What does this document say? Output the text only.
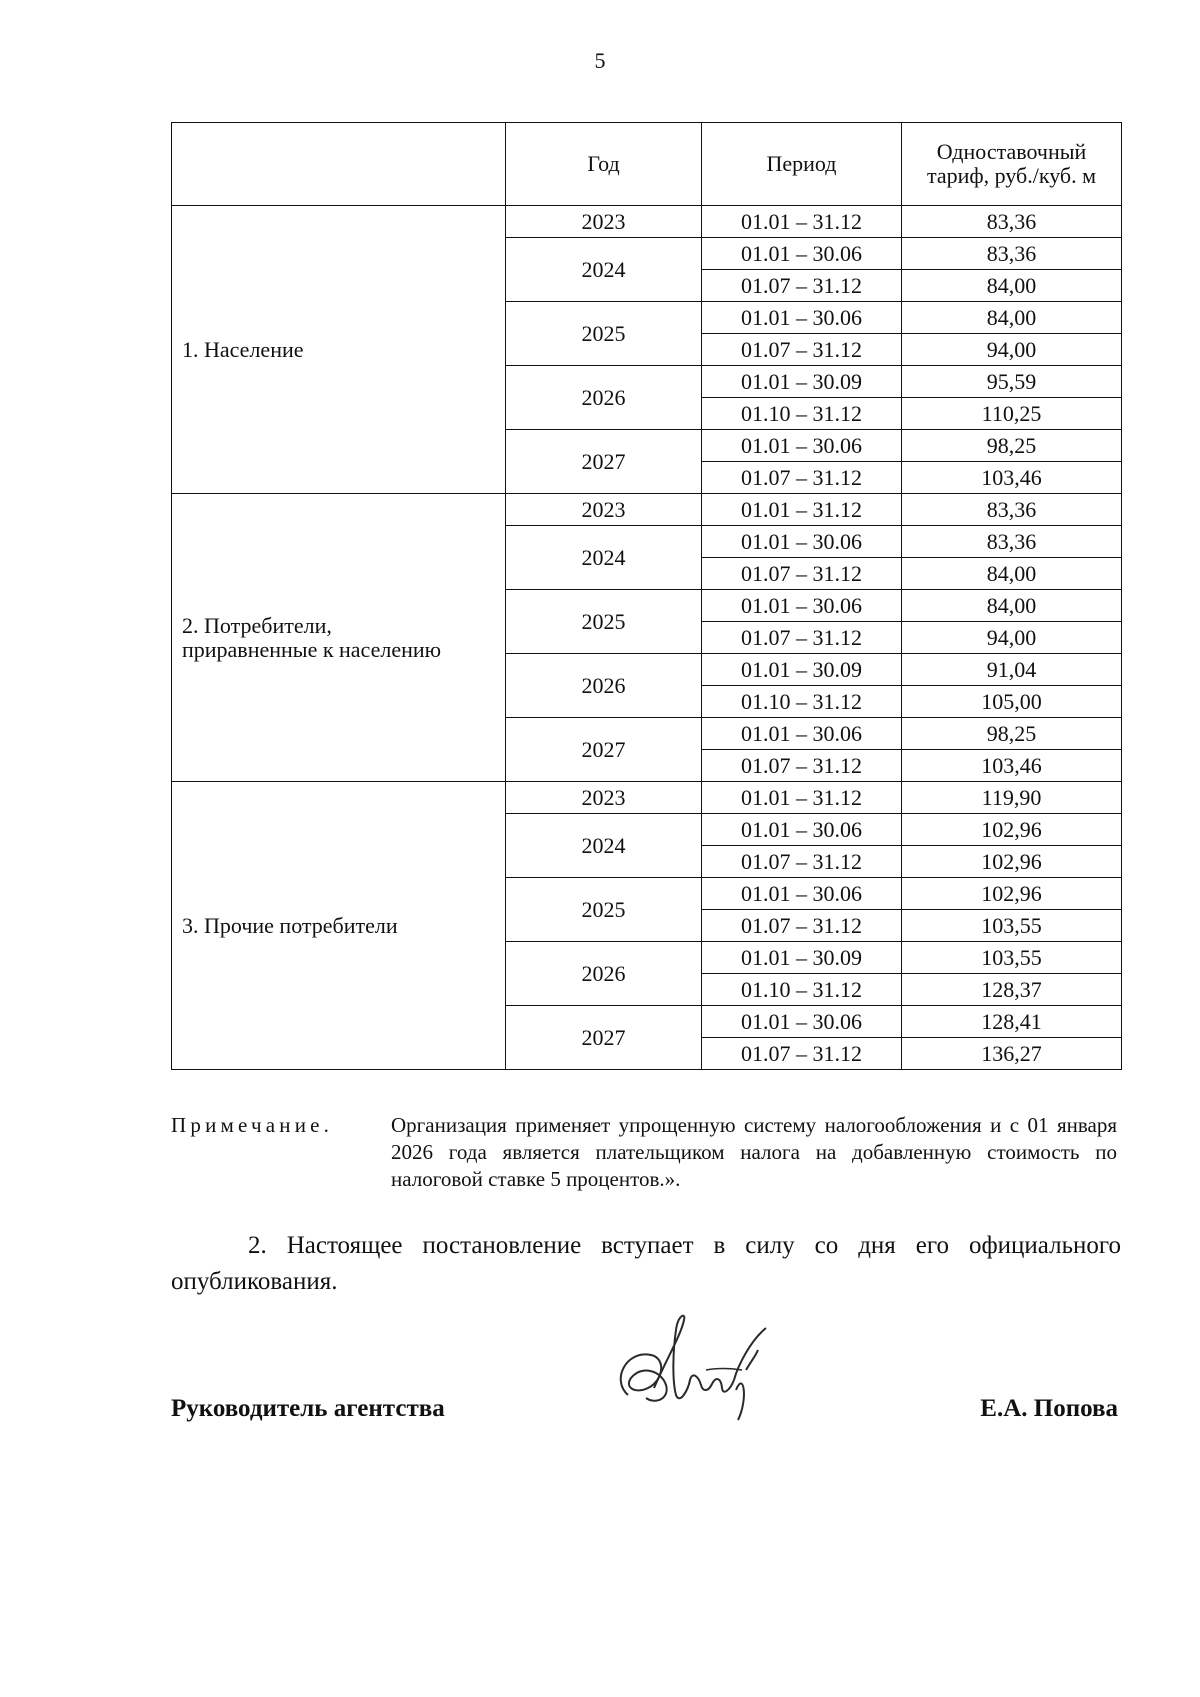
5
	Год	Период	Одноставочный тариф, руб./куб. м
1. Население	2023	01.01 – 31.12	83,36
	2024	01.01 – 30.06	83,36
		01.07 – 31.12	84,00
	2025	01.01 – 30.06	84,00
		01.07 – 31.12	94,00
	2026	01.01 – 30.09	95,59
		01.10 – 31.12	110,25
	2027	01.01 – 30.06	98,25
		01.07 – 31.12	103,46
2. Потребители,
приравненные к населению	2023	01.01 – 31.12	83,36
	2024	01.01 – 30.06	83,36
		01.07 – 31.12	84,00
	2025	01.01 – 30.06	84,00
		01.07 – 31.12	94,00
	2026	01.01 – 30.09	91,04
		01.10 – 31.12	105,00
	2027	01.01 – 30.06	98,25
		01.07 – 31.12	103,46
3. Прочие потребители	2023	01.01 – 31.12	119,90
	2024	01.01 – 30.06	102,96
		01.07 – 31.12	102,96
	2025	01.01 – 30.06	102,96
		01.07 – 31.12	103,55
	2026	01.01 – 30.09	103,55
		01.10 – 31.12	128,37
	2027	01.01 – 30.06	128,41
		01.07 – 31.12	136,27
Примечание.	Организация применяет упрощенную систему налогообложения и с 01 января 2026 года является плательщиком налога на добавленную стоимость по налоговой ставке 5 процентов.».
2. Настоящее постановление вступает в силу со дня его официального опубликования.
Руководитель агентства	Е.А. Попова
